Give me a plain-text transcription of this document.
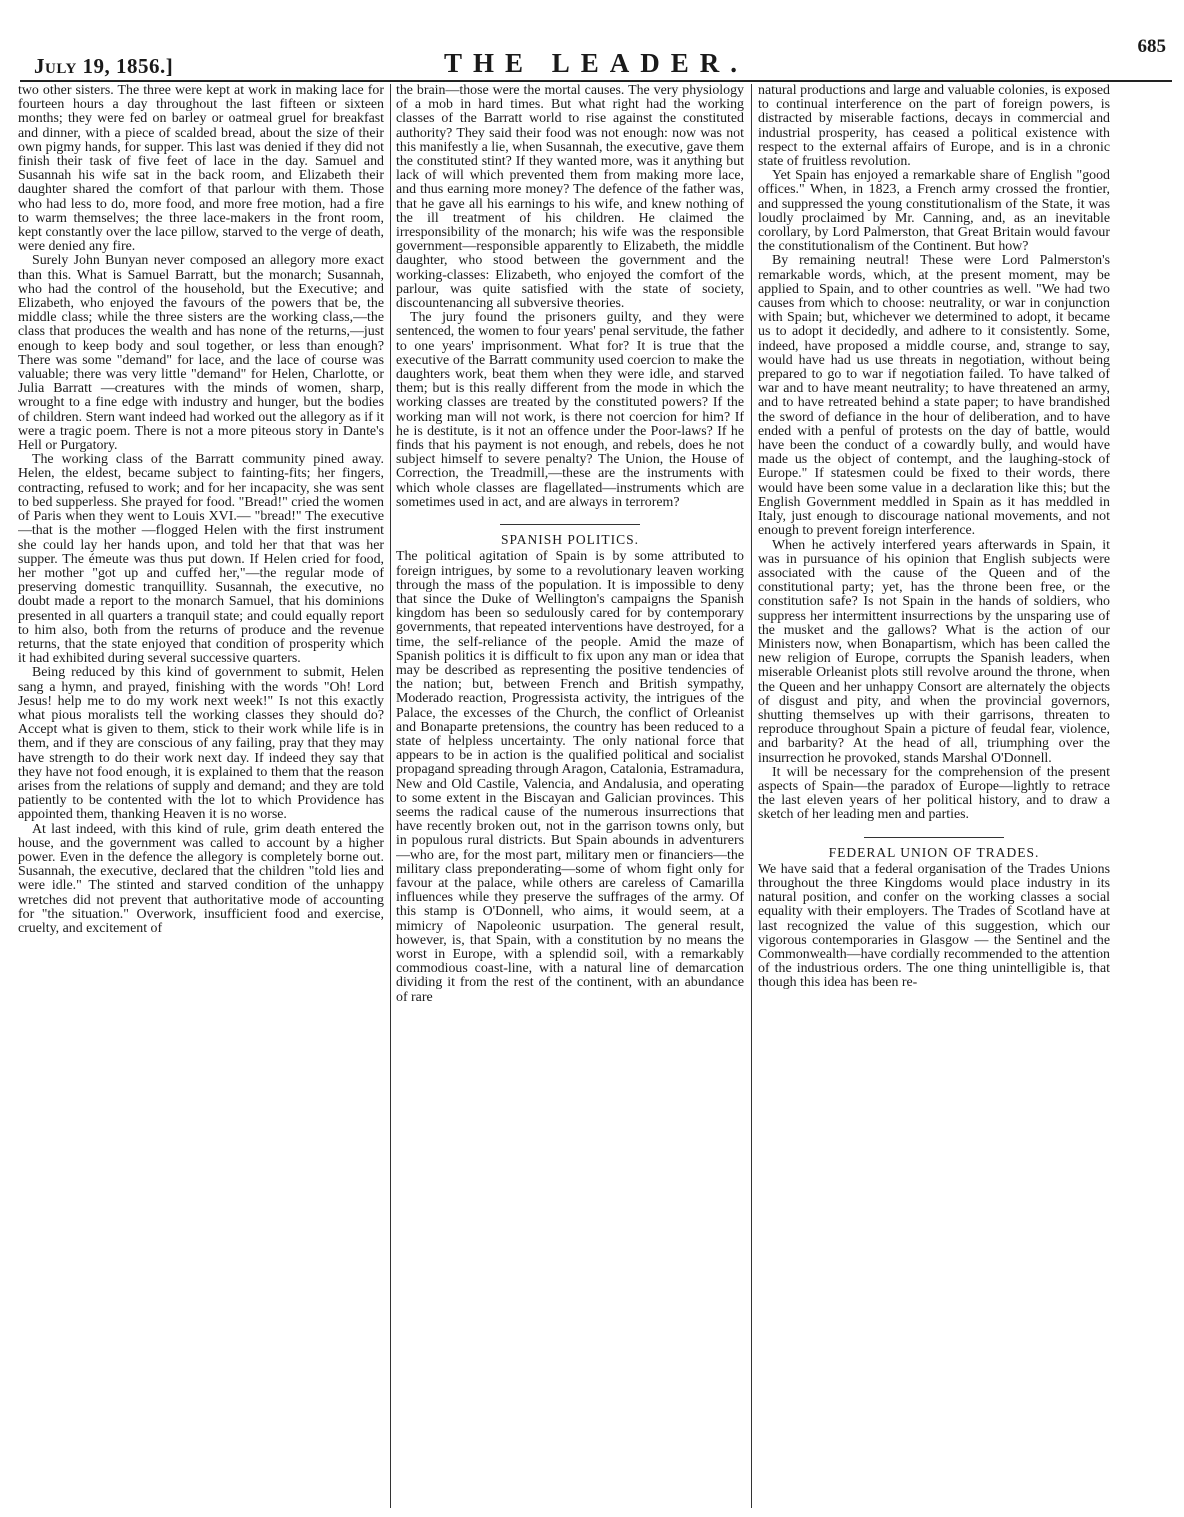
July 19, 1856.]	THE LEADER.
685

two other sisters. The three were kept at work in making lace for fourteen hours a day throughout the last fifteen or sixteen months; they were fed on barley or oatmeal gruel for breakfast and dinner, with a piece of scalded bread, about the size of their own pigmy hands, for supper. This last was denied if they did not finish their task of five feet of lace in the day. Samuel and Susannah his wife sat in the back room, and Elizabeth their daughter shared the comfort of that parlour with them. Those who had less to do, more food, and more free motion, had a fire to warm themselves; the three lace-makers in the front room, kept constantly over the lace pillow, starved to the verge of death, were denied any fire.

Surely John Bunyan never composed an allegory more exact than this. What is Samuel Barratt, but the monarch; Susannah, who had the control of the household, but the Executive; and Elizabeth, who enjoyed the favours of the powers that be, the middle class; while the three sisters are the working class,—the class that produces the wealth and has none of the returns,—just enough to keep body and soul together, or less than enough? There was some "demand" for lace, and the lace of course was valuable; there was very little "demand" for Helen, Charlotte, or Julia Barratt —creatures with the minds of women, sharp, wrought to a fine edge with industry and hunger, but the bodies of children. Stern want indeed had worked out the allegory as if it were a tragic poem. There is not a more piteous story in Dante's Hell or Purgatory.

The working class of the Barratt community pined away. Helen, the eldest, became subject to fainting-fits; her fingers, contracting, refused to work; and for her incapacity, she was sent to bed supperless. She prayed for food. "Bread!" cried the women of Paris when they went to Louis XVI.— "bread!" The executive—that is the mother —flogged Helen with the first instrument she could lay her hands upon, and told her that that was her supper. The émeute was thus put down. If Helen cried for food, her mother "got up and cuffed her,"—the regular mode of preserving domestic tranquillity. Susannah, the executive, no doubt made a report to the monarch Samuel, that his dominions presented in all quarters a tranquil state; and could equally report to him also, both from the returns of produce and the revenue returns, that the state enjoyed that condition of prosperity which it had exhibited during several successive quarters.

Being reduced by this kind of government to submit, Helen sang a hymn, and prayed, finishing with the words "Oh! Lord Jesus! help me to do my work next week!" Is not this exactly what pious moralists tell the working classes they should do? Accept what is given to them, stick to their work while life is in them, and if they are conscious of any failing, pray that they may have strength to do their work next day. If indeed they say that they have not food enough, it is explained to them that the reason arises from the relations of supply and demand; and they are told patiently to be contented with the lot to which Providence has appointed them, thanking Heaven it is no worse.

At last indeed, with this kind of rule, grim death entered the house, and the government was called to account by a higher power. Even in the defence the allegory is completely borne out. Susannah, the executive, declared that the children "told lies and were idle." The stinted and starved condition of the unhappy wretches did not prevent that authoritative mode of accounting for "the situation." Overwork, insufficient food and exercise, cruelty, and excitement of

the brain—those were the mortal causes. The very physiology of a mob in hard times. But what right had the working classes of the Barratt world to rise against the constituted authority? They said their food was not enough: now was not this manifestly a lie, when Susannah, the executive, gave them the constituted stint? If they wanted more, was it anything but lack of will which prevented them from making more lace, and thus earning more money? The defence of the father was, that he gave all his earnings to his wife, and knew nothing of the ill treatment of his children. He claimed the irresponsibility of the monarch; his wife was the responsible government—responsible apparently to Elizabeth, the middle daughter, who stood between the government and the working-classes: Elizabeth, who enjoyed the comfort of the parlour, was quite satisfied with the state of society, discountenancing all subversive theories.

The jury found the prisoners guilty, and they were sentenced, the women to four years' penal servitude, the father to one years' imprisonment. What for? It is true that the executive of the Barratt community used coercion to make the daughters work, beat them when they were idle, and starved them; but is this really different from the mode in which the working classes are treated by the constituted powers? If the working man will not work, is there not coercion for him? If he is destitute, is it not an offence under the Poor-laws? If he finds that his payment is not enough, and rebels, does he not subject himself to severe penalty? The Union, the House of Correction, the Treadmill,—these are the instruments with which whole classes are flagellated—instruments which are sometimes used in act, and are always in terrorem?

SPANISH POLITICS.

The political agitation of Spain is by some attributed to foreign intrigues, by some to a revolutionary leaven working through the mass of the population. It is impossible to deny that since the Duke of Wellington's campaigns the Spanish kingdom has been so sedulously cared for by contemporary governments, that repeated interventions have destroyed, for a time, the self-reliance of the people. Amid the maze of Spanish politics it is difficult to fix upon any man or idea that may be described as representing the positive tendencies of the nation; but, between French and British sympathy, Moderado reaction, Progressista activity, the intrigues of the Palace, the excesses of the Church, the conflict of Orleanist and Bonaparte pretensions, the country has been reduced to a state of helpless uncertainty. The only national force that appears to be in action is the qualified political and socialist propagand spreading through Aragon, Catalonia, Estramadura, New and Old Castile, Valencia, and Andalusia, and operating to some extent in the Biscayan and Galician provinces. This seems the radical cause of the numerous insurrections that have recently broken out, not in the garrison towns only, but in populous rural districts. But Spain abounds in adventurers—who are, for the most part, military men or financiers—the military class preponderating—some of whom fight only for favour at the palace, while others are careless of Camarilla influences while they preserve the suffrages of the army. Of this stamp is O'Donnell, who aims, it would seem, at a mimicry of Napoleonic usurpation. The general result, however, is, that Spain, with a constitution by no means the worst in Europe, with a splendid soil, with a remarkably commodious coast-line, with a natural line of demarcation dividing it from the rest of the continent, with an abundance of rare

natural productions and large and valuable colonies, is exposed to continual interference on the part of foreign powers, is distracted by miserable factions, decays in commercial and industrial prosperity, has ceased a political existence with respect to the external affairs of Europe, and is in a chronic state of fruitless revolution.

Yet Spain has enjoyed a remarkable share of English "good offices." When, in 1823, a French army crossed the frontier, and suppressed the young constitutionalism of the State, it was loudly proclaimed by Mr. Canning, and, as an inevitable corollary, by Lord Palmerston, that Great Britain would favour the constitutionalism of the Continent. But how?

By remaining neutral! These were Lord Palmerston's remarkable words, which, at the present moment, may be applied to Spain, and to other countries as well. "We had two causes from which to choose: neutrality, or war in conjunction with Spain; but, whichever we determined to adopt, it became us to adopt it decidedly, and adhere to it consistently. Some, indeed, have proposed a middle course, and, strange to say, would have had us use threats in negotiation, without being prepared to go to war if negotiation failed. To have talked of war and to have meant neutrality; to have threatened an army, and to have retreated behind a state paper; to have brandished the sword of defiance in the hour of deliberation, and to have ended with a penful of protests on the day of battle, would have been the conduct of a cowardly bully, and would have made us the object of contempt, and the laughing-stock of Europe." If statesmen could be fixed to their words, there would have been some value in a declaration like this; but the English Government meddled in Spain as it has meddled in Italy, just enough to discourage national movements, and not enough to prevent foreign interference.

When he actively interfered years afterwards in Spain, it was in pursuance of his opinion that English subjects were associated with the cause of the Queen and of the constitutional party; yet, has the throne been free, or the constitution safe? Is not Spain in the hands of soldiers, who suppress her intermittent insurrections by the unsparing use of the musket and the gallows? What is the action of our Ministers now, when Bonapartism, which has been called the new religion of Europe, corrupts the Spanish leaders, when miserable Orleanist plots still revolve around the throne, when the Queen and her unhappy Consort are alternately the objects of disgust and pity, and when the provincial governors, shutting themselves up with their garrisons, threaten to reproduce throughout Spain a picture of feudal fear, violence, and barbarity? At the head of all, triumphing over the insurrection he provoked, stands Marshal O'Donnell.

It will be necessary for the comprehension of the present aspects of Spain—the paradox of Europe—lightly to retrace the last eleven years of her political history, and to draw a sketch of her leading men and parties.

FEDERAL UNION OF TRADES.

We have said that a federal organisation of the Trades Unions throughout the three Kingdoms would place industry in its natural position, and confer on the working classes a social equality with their employers. The Trades of Scotland have at last recognized the value of this suggestion, which our vigorous contemporaries in Glasgow — the Sentinel and the Commonwealth—have cordially recommended to the attention of the industrious orders. The one thing unintelligible is, that though this idea has been re-
